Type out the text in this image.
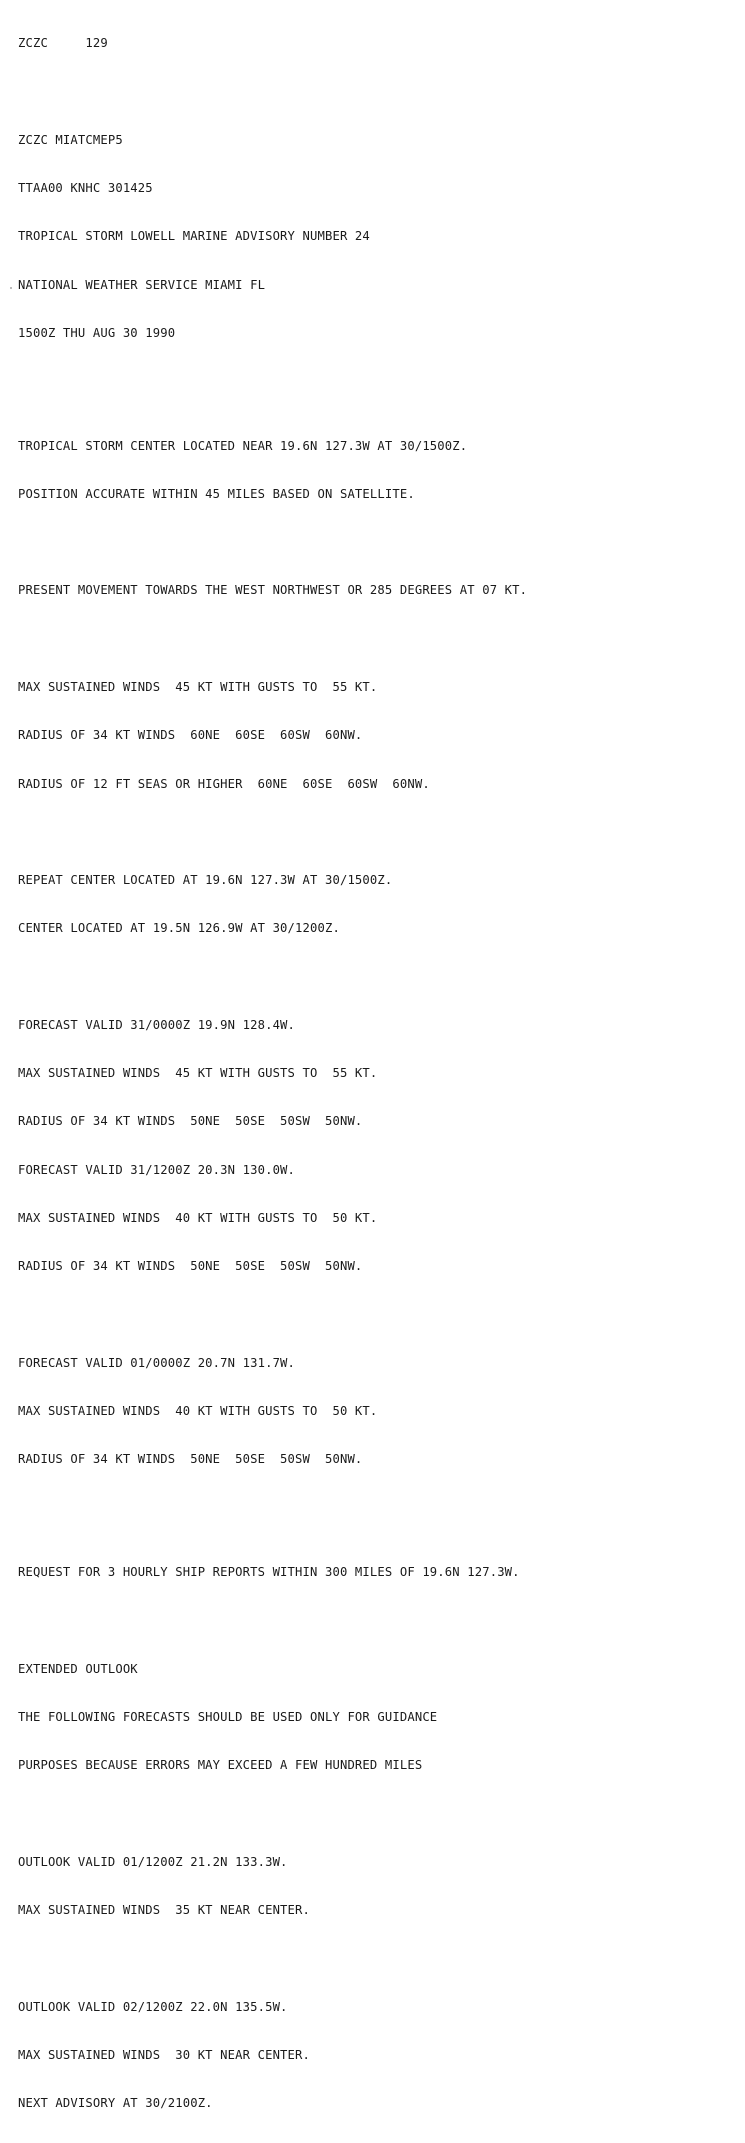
ZCZC     129

ZCZC MIATCMEP5

TTAA00 KNHC 301425

TROPICAL STORM LOWELL MARINE ADVISORY NUMBER 24

NATIONAL WEATHER SERVICE MIAMI FL

1500Z THU AUG 30 1990

TROPICAL STORM CENTER LOCATED NEAR 19.6N 127.3W AT 30/1500Z.

POSITION ACCURATE WITHIN 45 MILES BASED ON SATELLITE.

PRESENT MOVEMENT TOWARDS THE WEST NORTHWEST OR 285 DEGREES AT 07 KT.

MAX SUSTAINED WINDS  45 KT WITH GUSTS TO  55 KT.

RADIUS OF 34 KT WINDS  60NE  60SE  60SW  60NW.

RADIUS OF 12 FT SEAS OR HIGHER  60NE  60SE  60SW  60NW.

REPEAT CENTER LOCATED AT 19.6N 127.3W AT 30/1500Z.

CENTER LOCATED AT 19.5N 126.9W AT 30/1200Z.

FORECAST VALID 31/0000Z 19.9N 128.4W.

MAX SUSTAINED WINDS  45 KT WITH GUSTS TO  55 KT.

RADIUS OF 34 KT WINDS  50NE  50SE  50SW  50NW.

FORECAST VALID 31/1200Z 20.3N 130.0W.

MAX SUSTAINED WINDS  40 KT WITH GUSTS TO  50 KT.

RADIUS OF 34 KT WINDS  50NE  50SE  50SW  50NW.

FORECAST VALID 01/0000Z 20.7N 131.7W.

MAX SUSTAINED WINDS  40 KT WITH GUSTS TO  50 KT.

RADIUS OF 34 KT WINDS  50NE  50SE  50SW  50NW.

REQUEST FOR 3 HOURLY SHIP REPORTS WITHIN 300 MILES OF 19.6N 127.3W.

EXTENDED OUTLOOK

THE FOLLOWING FORECASTS SHOULD BE USED ONLY FOR GUIDANCE

PURPOSES BECAUSE ERRORS MAY EXCEED A FEW HUNDRED MILES

OUTLOOK VALID 01/1200Z 21.2N 133.3W.

MAX SUSTAINED WINDS  35 KT NEAR CENTER.

OUTLOOK VALID 02/1200Z 22.0N 135.5W.

MAX SUSTAINED WINDS  30 KT NEAR CENTER.

NEXT ADVISORY AT 30/2100Z.
